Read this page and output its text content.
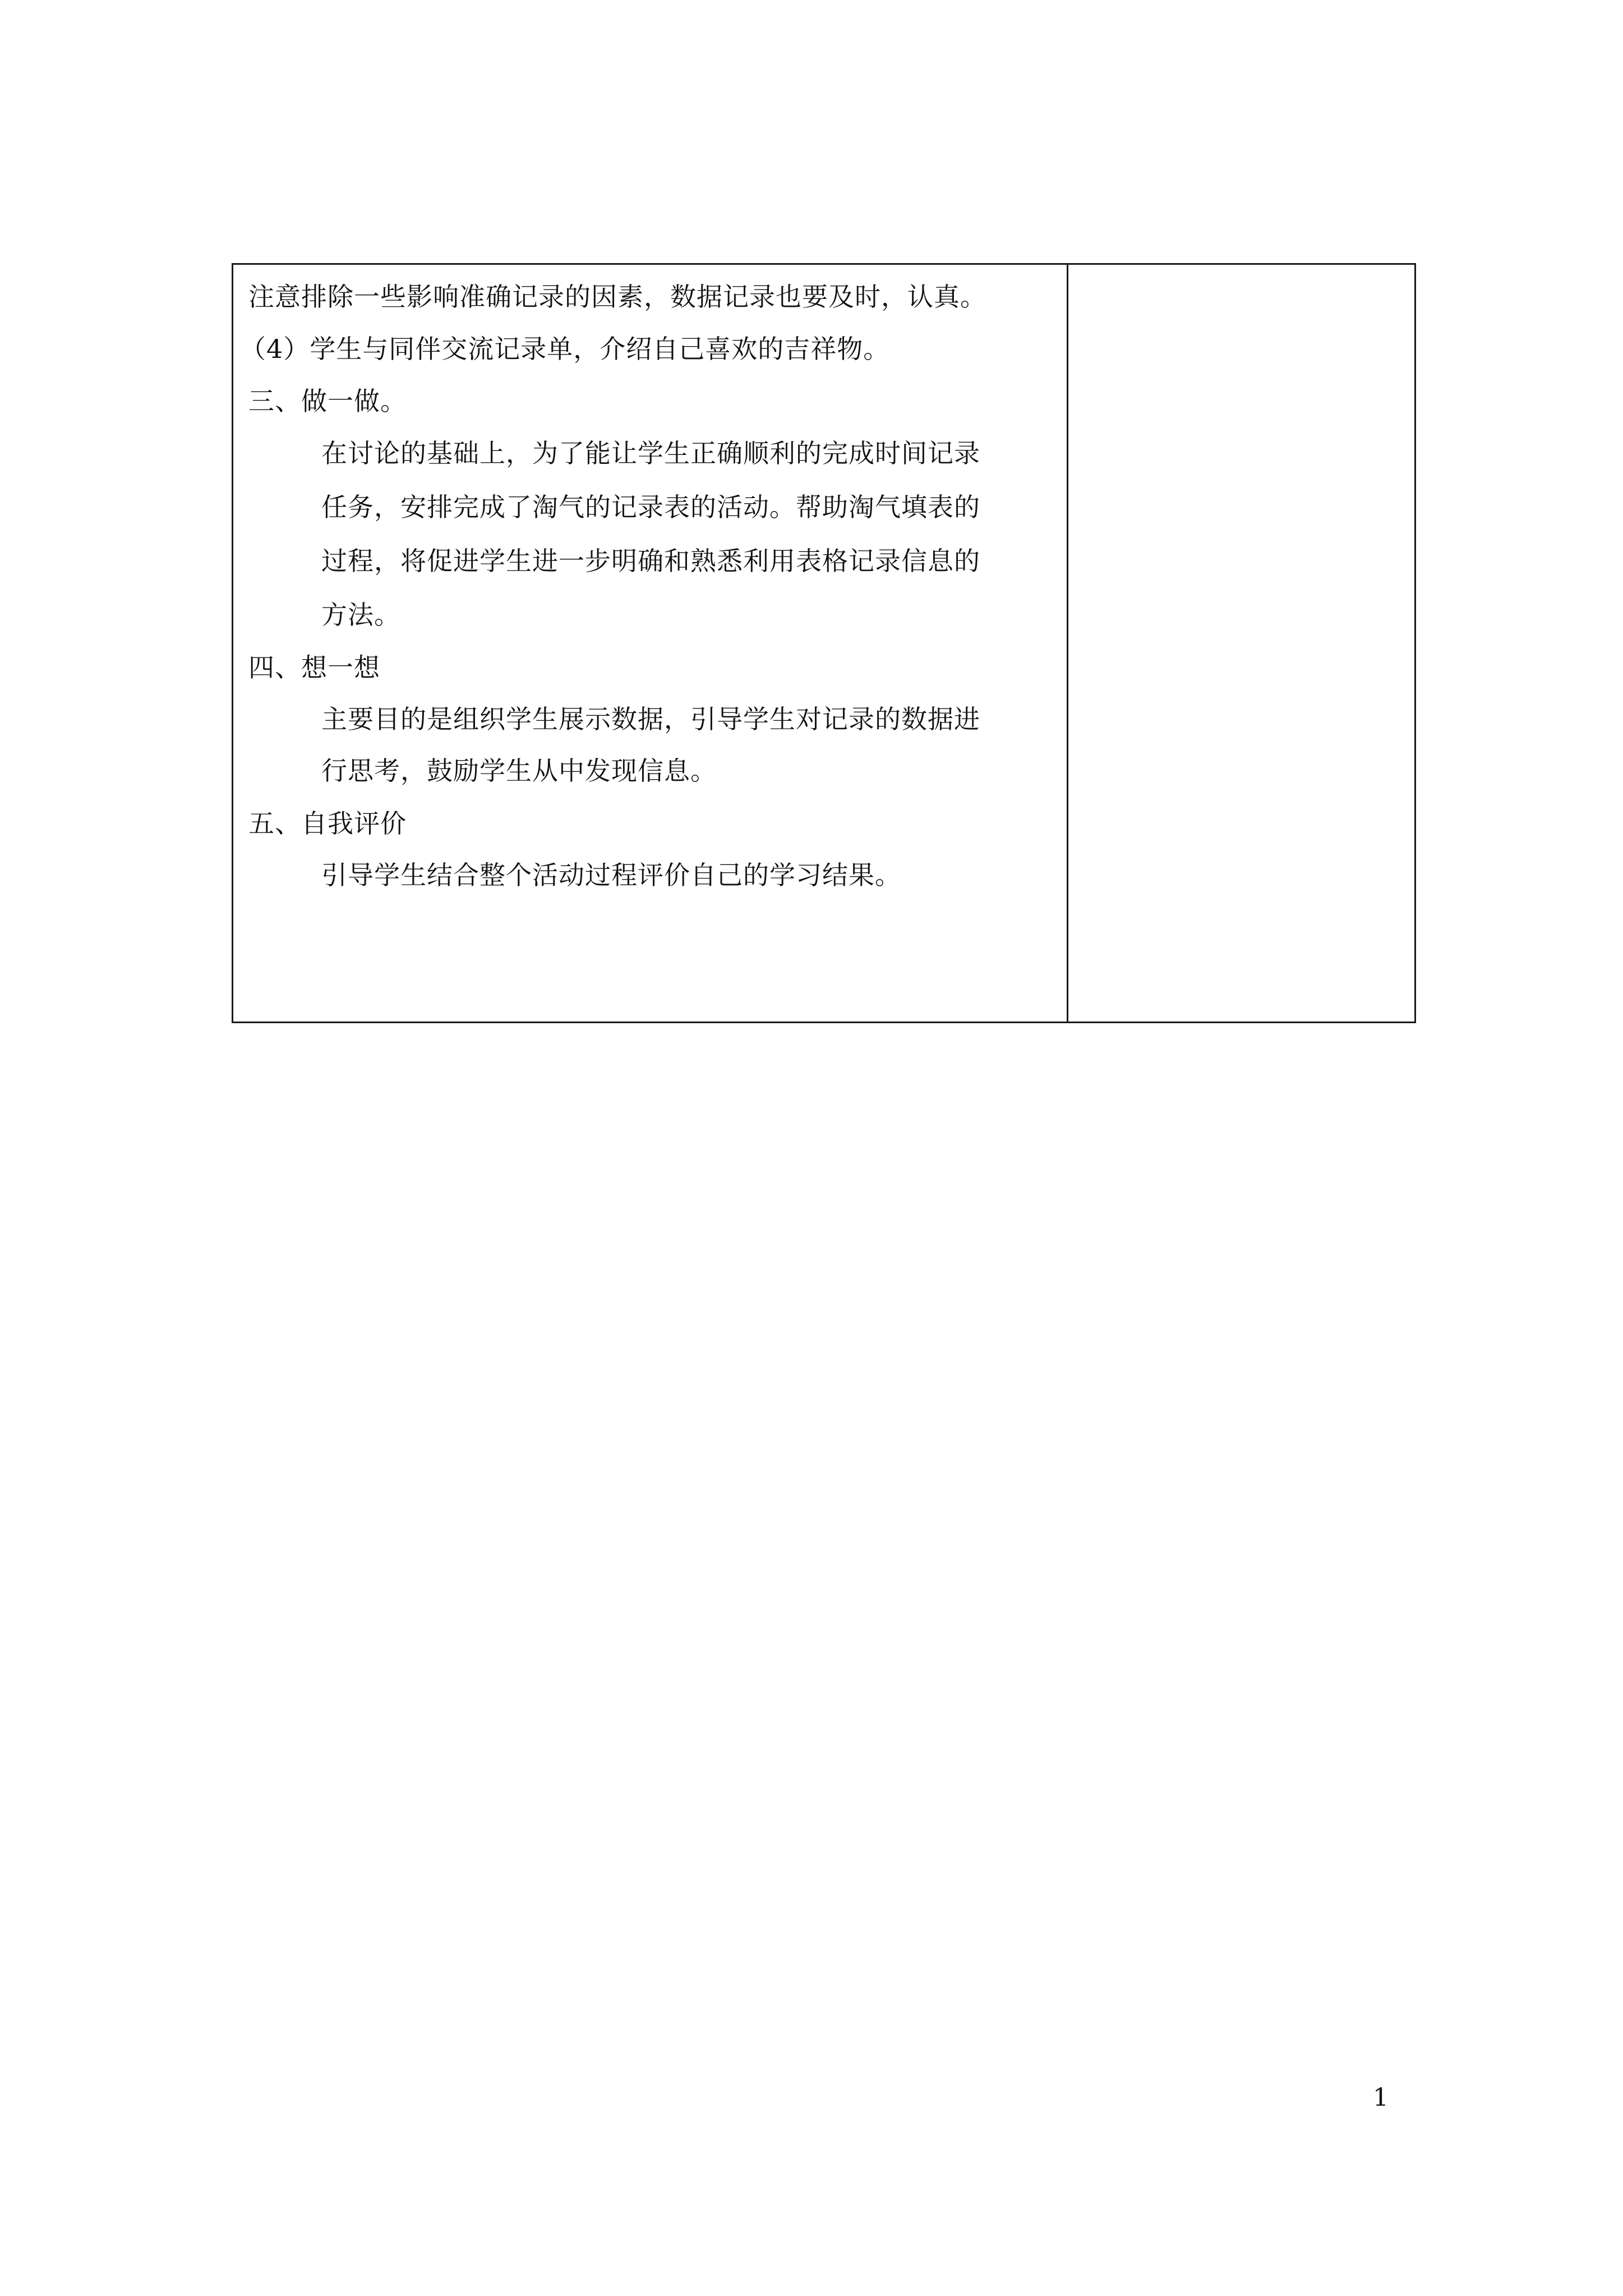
注意排除一些影响准确记录的因素，数据记录也要及时，认真。
（4）学生与同伴交流记录单，介绍自己喜欢的吉祥物。
三、做一做。
在讨论的基础上，为了能让学生正确顺利的完成时间记录
任务，安排完成了淘气的记录表的活动。帮助淘气填表的
过程，将促进学生进一步明确和熟悉利用表格记录信息的
方法。
四、想一想
主要目的是组织学生展示数据，引导学生对记录的数据进
行思考，鼓励学生从中发现信息。
五、自我评价
引导学生结合整个活动过程评价自己的学习结果。
1
